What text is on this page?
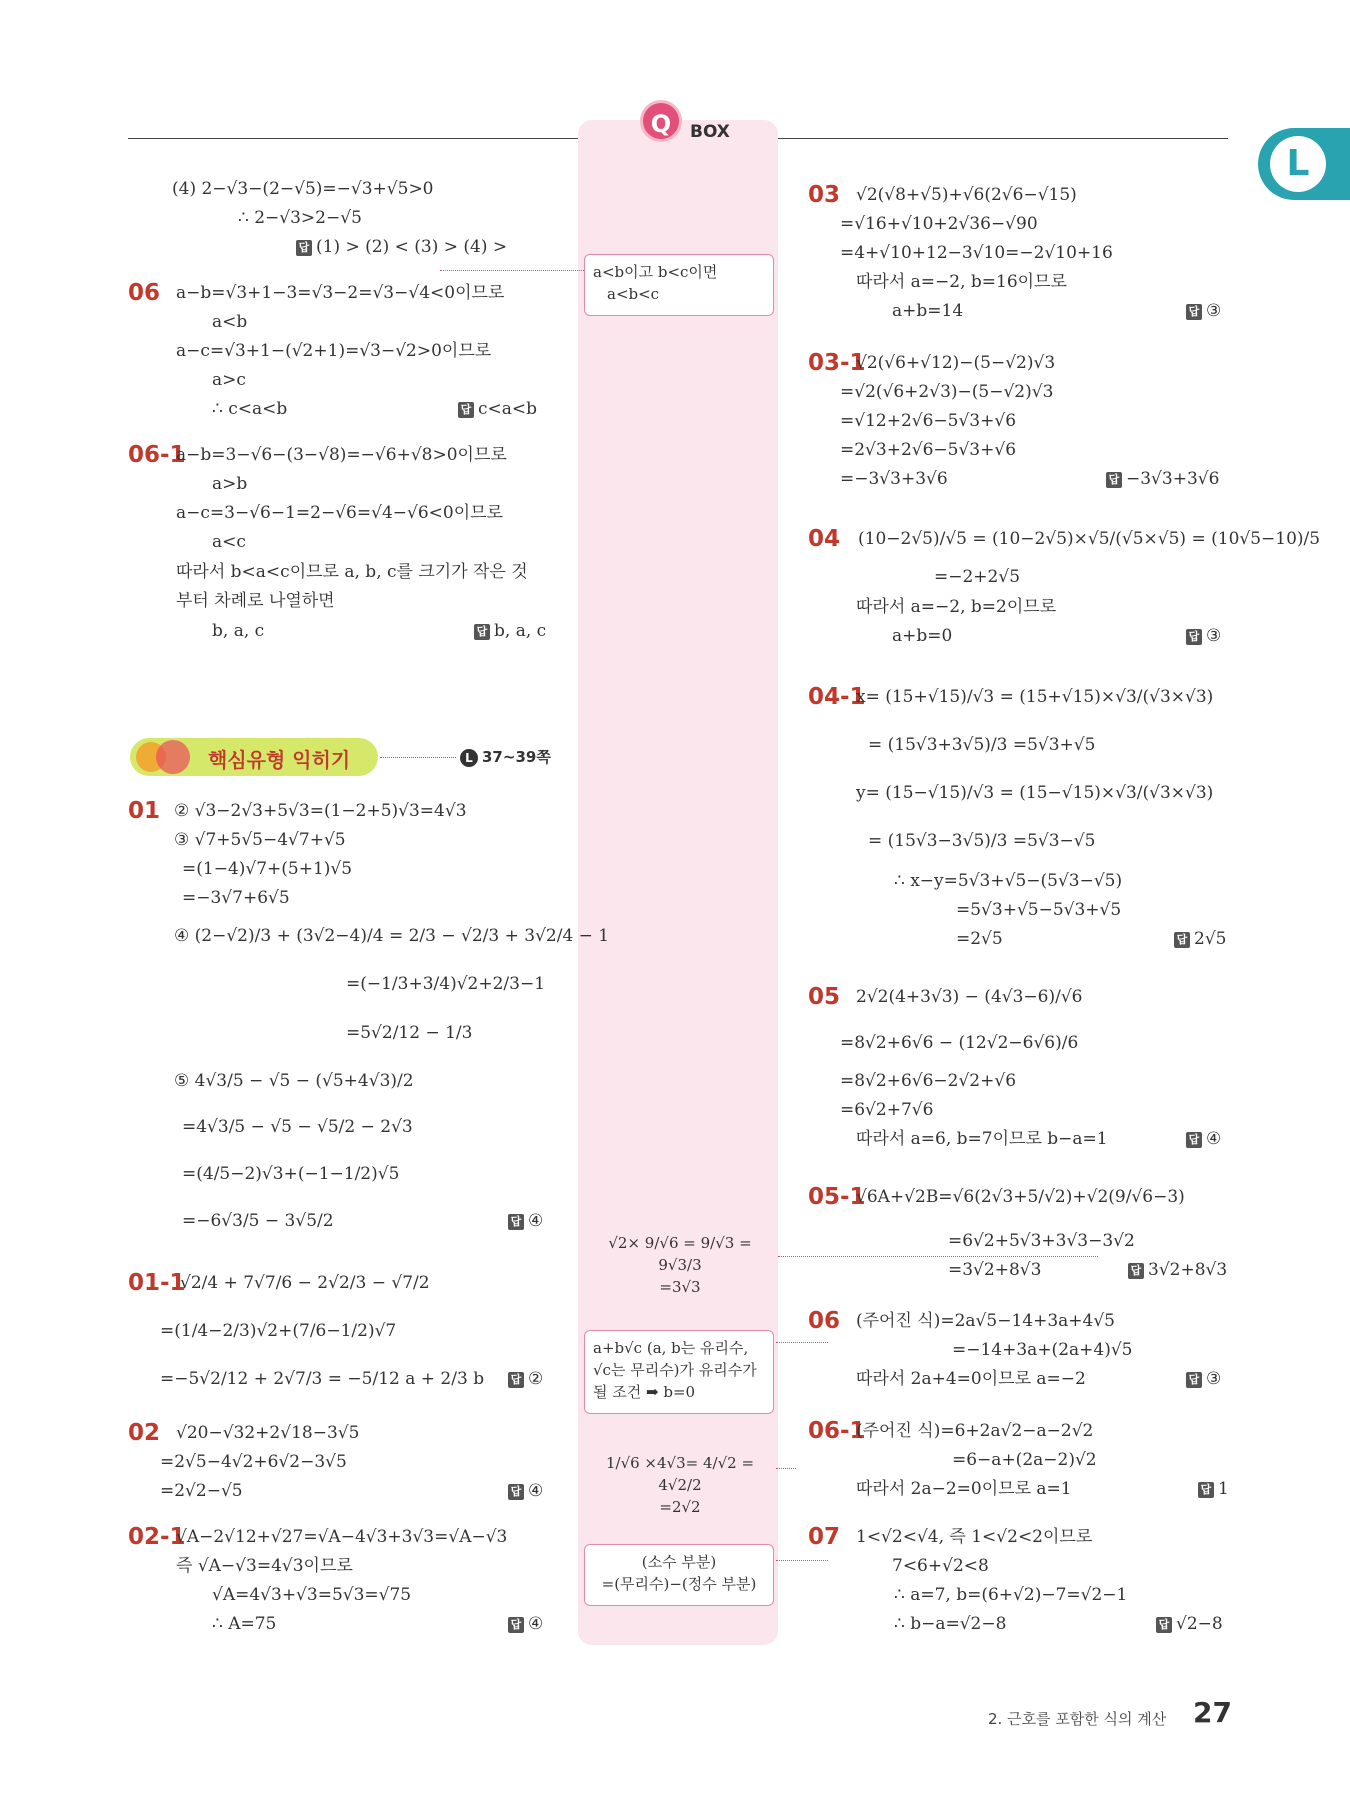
Q	BOX
L
(4) 2−√3−(2−√5)=−√3+√5>0
∴ 2−√3>2−√5
답 (1) > (2) < (3) > (4) >
06 a−b=√3+1−3=√3−2=√3−√4<0이므로
a<b
a−c=√3+1−(√2+1)=√3−√2>0이므로
a>c
∴ c<a<b	답 c<a<b
06-1
a−b=3−√6−(3−√8)=−√6+√8>0이므로
a>b
a−c=3−√6−1=2−√6=√4−√6<0이므로
a<c
따라서 b<a<c이므로 a, b, c를 크기가 작은 것
부터 차례로 나열하면
b, a, c	답 b, a, c
핵심유형 익히기	L 37~39쪽
01 ② √3−2√3+5√3=(1−2+5)√3=4√3
③ √7+5√5−4√7+√5
=(1−4)√7+(5+1)√5
=−3√7+6√5
④ (2−√2)/3 + (3√2−4)/4 = 2/3 − √2/3 + 3√2/4 − 1
=(−1/3+3/4)√2+2/3−1
=5√2/12 − 1/3
⑤ 4√3/5 − √5 − (√5+4√3)/2
=4√3/5 − √5 − √5/2 − 2√3
=(4/5−2)√3+(−1−1/2)√5
=−6√3/5 − 3√5/2	답 ④
01-1
√2/4 + 7√7/6 − 2√2/3 − √7/2
=(1/4−2/3)√2+(7/6−1/2)√7
=−5√2/12 + 2√7/3 = −5/12 a + 2/3 b	답 ②
02 √20−√32+2√18−3√5
=2√5−4√2+6√2−3√5
=2√2−√5	답 ④
02-1
√A−2√12+√27=√A−4√3+3√3=√A−√3
즉 √A−√3=4√3이므로
√A=4√3+√3=5√3=√75
∴ A=75	답 ④
a<b이고 b<c이면
a<b<c
√2× 9/√6 = 9/√3 = 9√3/3
=3√3
a+b√c (a, b는 유리수,
√c는 무리수)가 유리수가
될 조건 ➡ b=0
1/√6 ×4√3= 4/√2 = 4√2/2
=2√2
(소수 부분)
=(무리수)−(정수 부분)
03 √2(√8+√5)+√6(2√6−√15)
=√16+√10+2√36−√90
=4+√10+12−3√10=−2√10+16
따라서 a=−2, b=16이므로
a+b=14	답 ③
03-1
√2(√6+√12)−(5−√2)√3
=√2(√6+2√3)−(5−√2)√3
=√12+2√6−5√3+√6
=2√3+2√6−5√3+√6
=−3√3+3√6	답 −3√3+3√6
04 (10−2√5)/√5 = (10−2√5)×√5/(√5×√5) = (10√5−10)/5
=−2+2√5
따라서 a=−2, b=2이므로
a+b=0	답 ③
04-1
x= (15+√15)/√3 = (15+√15)×√3/(√3×√3)
= (15√3+3√5)/3 =5√3+√5
y= (15−√15)/√3 = (15−√15)×√3/(√3×√3)
= (15√3−3√5)/3 =5√3−√5
∴ x−y=5√3+√5−(5√3−√5)
=5√3+√5−5√3+√5
=2√5	답 2√5
05 2√2(4+3√3) − (4√3−6)/√6
=8√2+6√6 − (12√2−6√6)/6
=8√2+6√6−2√2+√6
=6√2+7√6
따라서 a=6, b=7이므로 b−a=1	답 ④
05-1
√6A+√2B=√6(2√3+5/√2)+√2(9/√6−3)
=6√2+5√3+3√3−3√2
=3√2+8√3	답 3√2+8√3
06 (주어진 식)=2a√5−14+3a+4√5
=−14+3a+(2a+4)√5
따라서 2a+4=0이므로 a=−2	답 ③
06-1
(주어진 식)=6+2a√2−a−2√2
=6−a+(2a−2)√2
따라서 2a−2=0이므로 a=1	답 1
07 1<√2<√4, 즉 1<√2<2이므로
7<6+√2<8
∴ a=7, b=(6+√2)−7=√2−1
∴ b−a=√2−8	답 √2−8
2. 근호를 포함한 식의 계산 27
